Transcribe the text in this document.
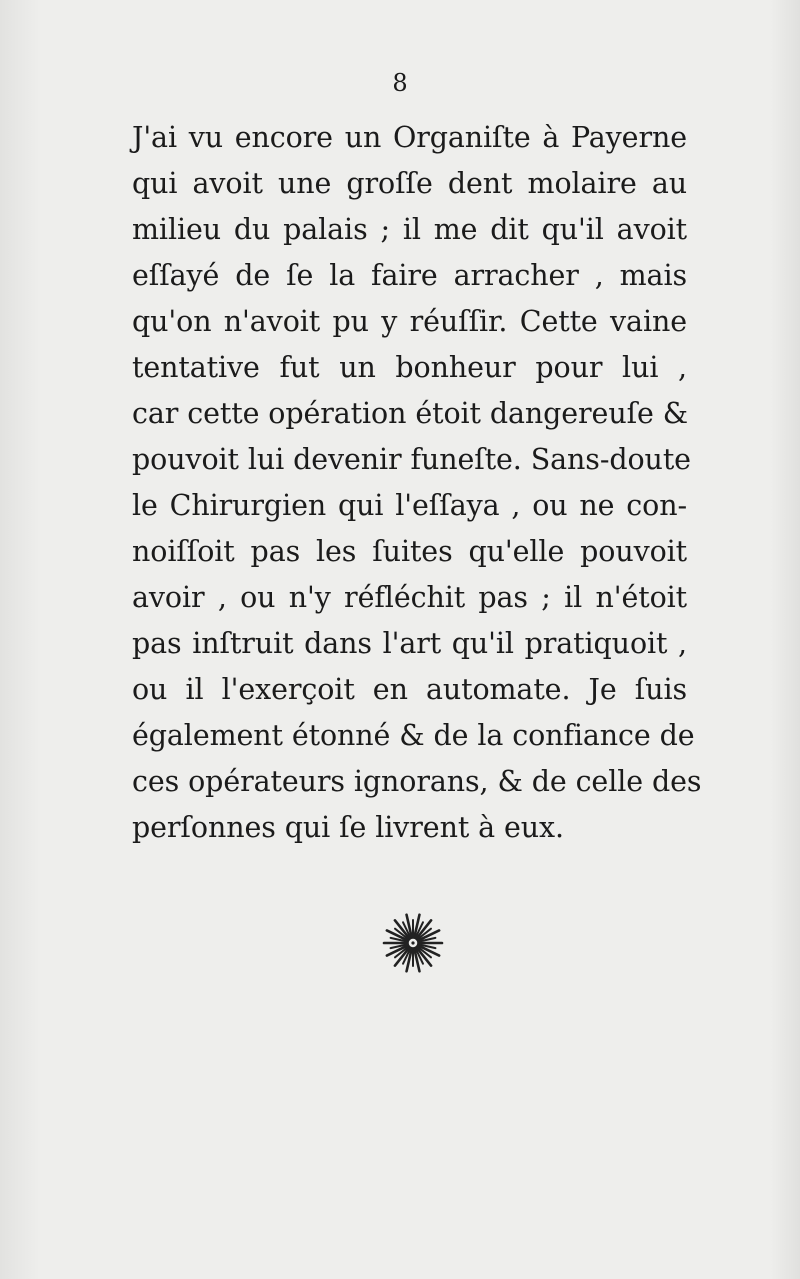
8
J'ai vu encore un Organiſte à Payerne
qui avoit une groſſe dent molaire au
milieu du palais ; il me dit qu'il avoit
eſſayé de ſe la faire arracher , mais
qu'on n'avoit pu y réuſſir. Cette vaine
tentative fut un bonheur pour lui ,
car cette opération étoit dangereuſe &
pouvoit lui devenir funeſte. Sans-doute
le Chirurgien qui l'eſſaya , ou ne con-
noiſſoit pas les ſuites qu'elle pouvoit
avoir , ou n'y réfléchit pas ; il n'étoit
pas inſtruit dans l'art qu'il pratiquoit ,
ou il l'exerçoit en automate. Je ſuis
également étonné & de la confiance de
ces opérateurs ignorans, & de celle des
perſonnes qui ſe livrent à eux.
